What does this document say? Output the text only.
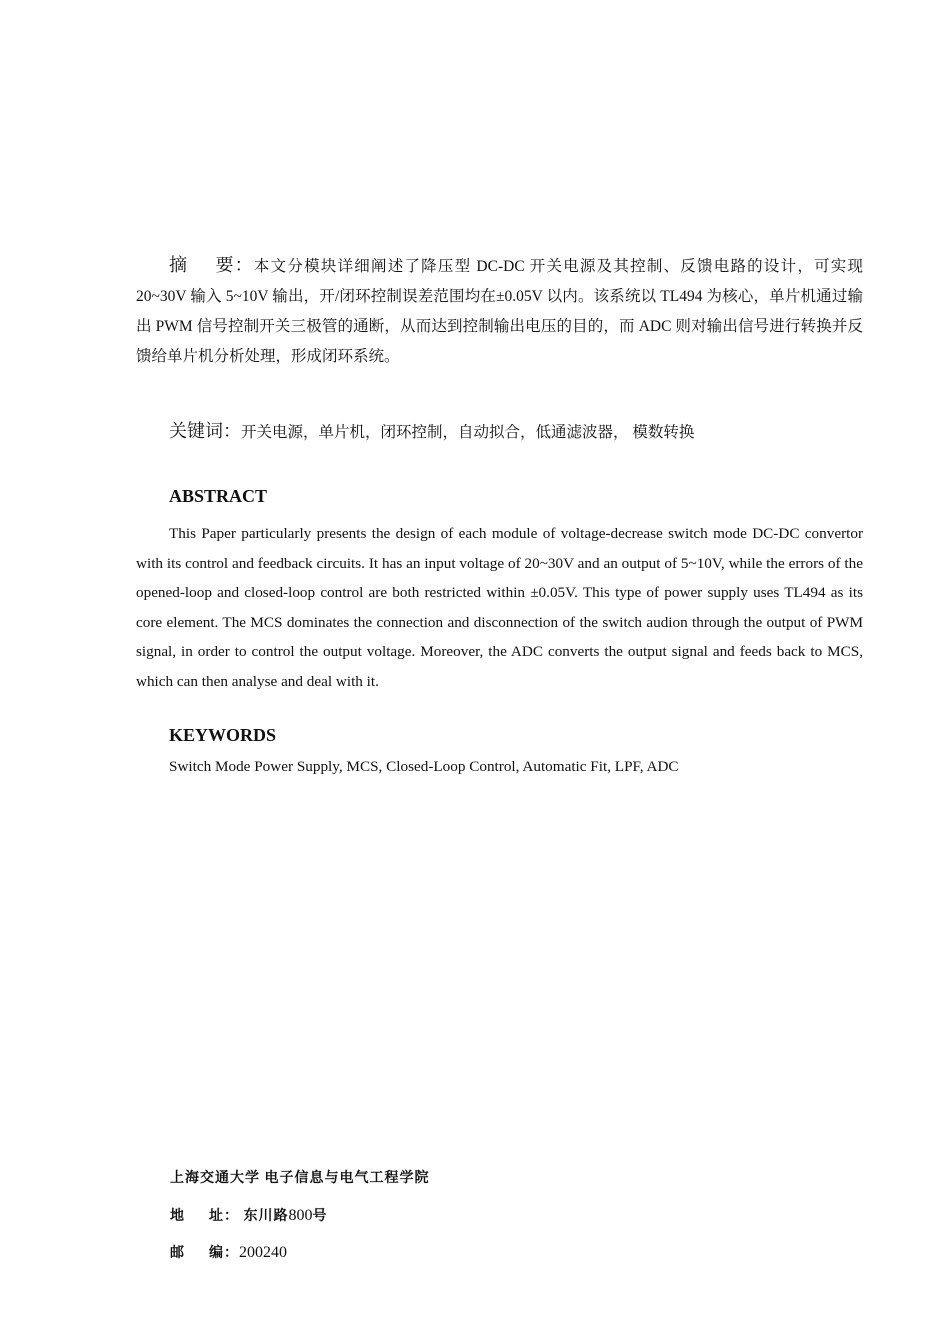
摘 要：本文分模块详细阐述了降压型 DC-DC 开关电源及其控制、反馈电路的设计，可实现 20~30V 输入 5~10V 输出，开/闭环控制误差范围均在±0.05V 以内。该系统以 TL494 为核心，单片机通过输出 PWM 信号控制开关三极管的通断，从而达到控制输出电压的目的，而 ADC 则对输出信号进行转换并反馈给单片机分析处理，形成闭环系统。
关键词：开关电源，单片机，闭环控制，自动拟合，低通滤波器， 模数转换
ABSTRACT
This Paper particularly presents the design of each module of voltage-decrease switch mode DC-DC convertor with its control and feedback circuits. It has an input voltage of 20~30V and an output of 5~10V, while the errors of the opened-loop and closed-loop control are both restricted within ±0.05V. This type of power supply uses TL494 as its core element. The MCS dominates the connection and disconnection of the switch audion through the output of PWM signal, in order to control the output voltage. Moreover, the ADC converts the output signal and feeds back to MCS, which can then analyse and deal with it.
KEYWORDS
Switch Mode Power Supply, MCS, Closed-Loop Control, Automatic Fit, LPF, ADC
上海交通大学 电子信息与电气工程学院
地 址： 东川路800号
邮 编：200240
